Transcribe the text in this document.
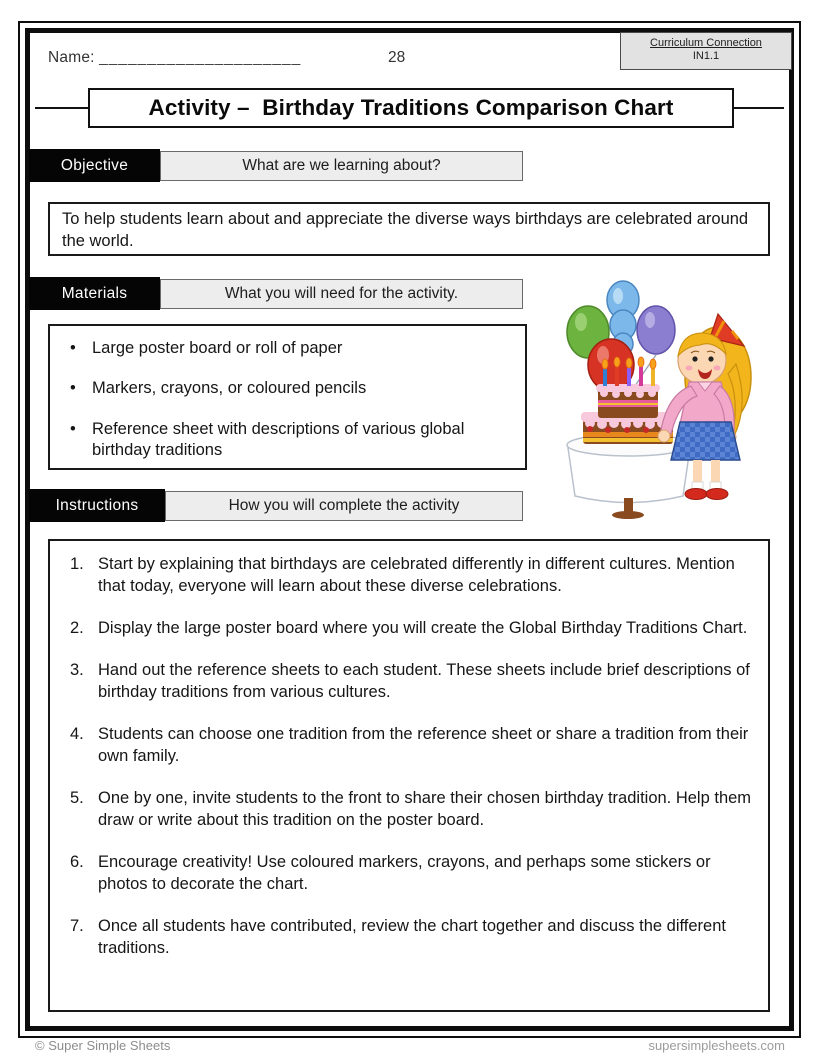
Curriculum Connection
IN1.1
Name: _____________________	28
Activity –  Birthday Traditions Comparison Chart
Objective	What are we learning about?
To help students learn about and appreciate the diverse ways birthdays are celebrated around the world.
Materials	What you will need for the activity.
• Large poster board or roll of paper
• Markers, crayons, or coloured pencils
• Reference sheet with descriptions of various global birthday traditions
Instructions	How you will complete the activity
1. Start by explaining that birthdays are celebrated differently in different cultures. Mention that today, everyone will learn about these diverse celebrations.
2. Display the large poster board where you will create the Global Birthday Traditions Chart.
3. Hand out the reference sheets to each student. These sheets include brief descriptions of birthday traditions from various cultures.
4. Students can choose one tradition from the reference sheet or share a tradition from their own family.
5. One by one, invite students to the front to share their chosen birthday tradition. Help them draw or write about this tradition on the poster board.
6. Encourage creativity! Use coloured markers, crayons, and perhaps some stickers or photos to decorate the chart.
7. Once all students have contributed, review the chart together and discuss the different traditions.
© Super Simple Sheets	supersimplesheets.com
